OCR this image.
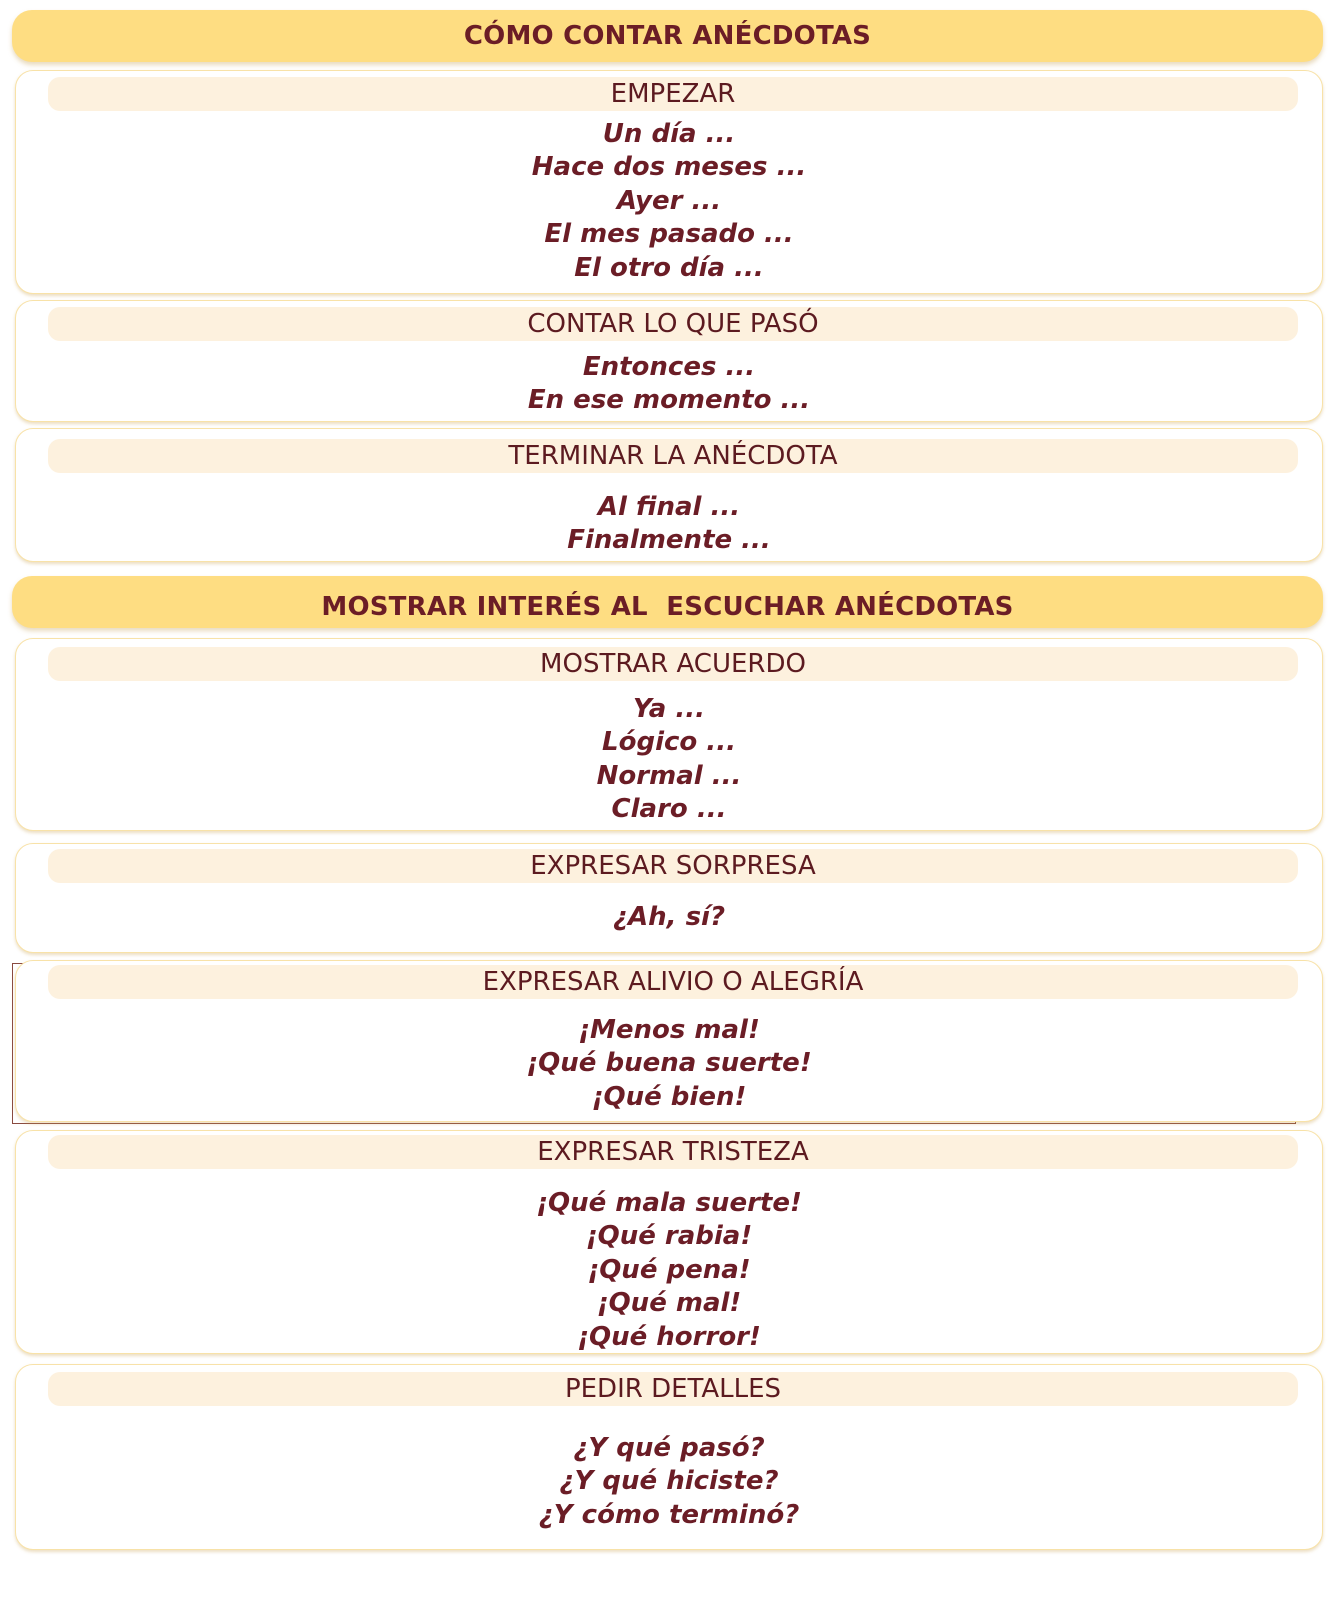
CÓMO CONTAR ANÉCDOTAS
EMPEZAR
Un día ...
Hace dos meses ...
Ayer ...
El mes pasado ...
El otro día ...
CONTAR LO QUE PASÓ
Entonces ...
En ese momento ...
TERMINAR LA ANÉCDOTA
Al final ...
Finalmente ...
MOSTRAR INTERÉS AL  ESCUCHAR ANÉCDOTAS
MOSTRAR ACUERDO
Ya ...
Lógico ...
Normal ...
Claro ...
EXPRESAR SORPRESA
¿Ah, sí?
EXPRESAR ALIVIO O ALEGRÍA
¡Menos mal!
¡Qué buena suerte!
¡Qué bien!
EXPRESAR TRISTEZA
¡Qué mala suerte!
¡Qué rabia!
¡Qué pena!
¡Qué mal!
¡Qué horror!
PEDIR DETALLES
¿Y qué pasó?
¿Y qué hiciste?
¿Y cómo terminó?
